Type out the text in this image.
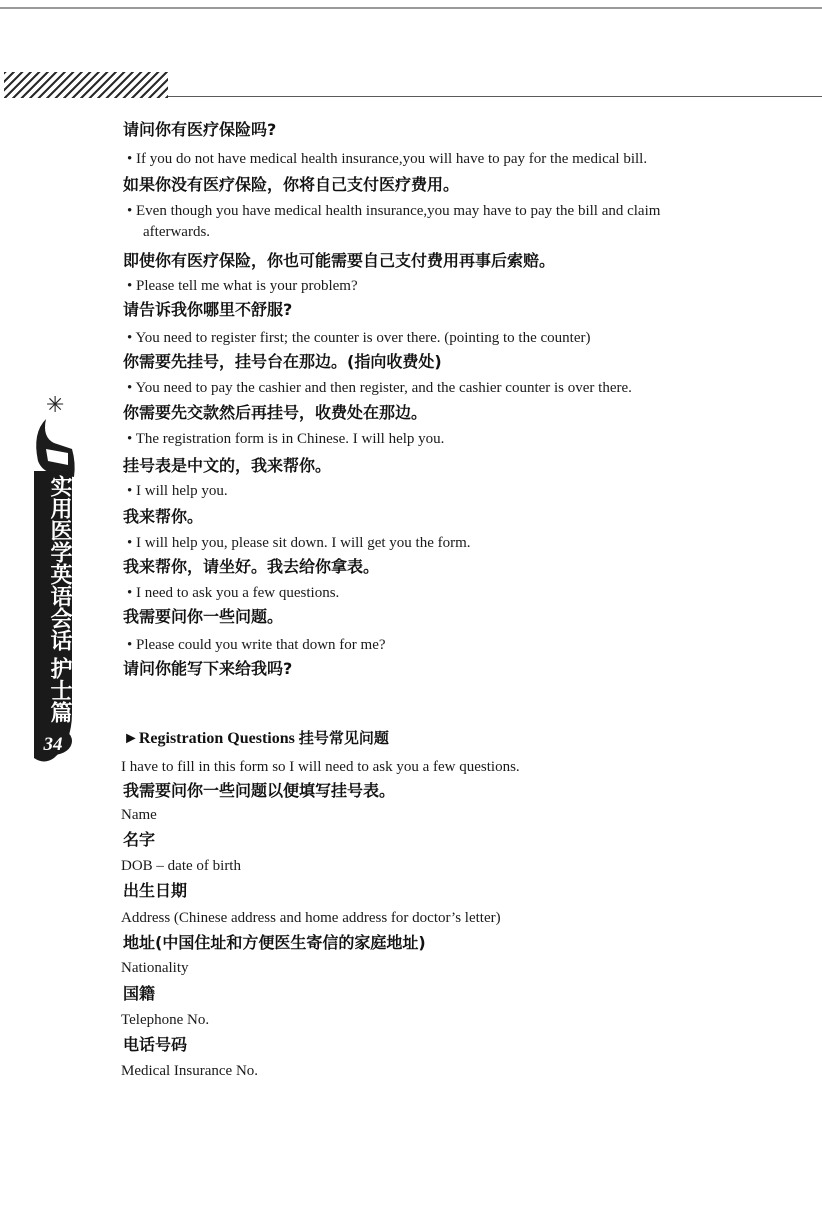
✳
实用医学英语会话
护士篇
34
请问你有医疗保险吗?
• If you do not have medical health insurance,you will have to pay for the medical bill.
如果你没有医疗保险，你将自己支付医疗费用。
• Even though you have medical health insurance,you may have to pay the bill and claim
afterwards.
即使你有医疗保险，你也可能需要自己支付费用再事后索赔。
• Please tell me what is your problem?
请告诉我你哪里不舒服?
• You need to register first; the counter is over there. (pointing to the counter)
你需要先挂号，挂号台在那边。(指向收费处)
• You need to pay the cashier and then register, and the cashier counter is over there.
你需要先交款然后再挂号，收费处在那边。
• The registration form is in Chinese. I will help you.
挂号表是中文的，我来帮你。
• I will help you.
我来帮你。
• I will help you, please sit down. I will get you the form.
我来帮你，请坐好。我去给你拿表。
• I need to ask you a few questions.
我需要问你一些问题。
• Please could you write that down for me?
请问你能写下来给我吗?
►Registration Questions 挂号常见问题
I have to fill in this form so I will need to ask you a few questions.
我需要问你一些问题以便填写挂号表。
Name
名字
DOB – date of birth
出生日期
Address (Chinese address and home address for doctor’s letter)
地址(中国住址和方便医生寄信的家庭地址)
Nationality
国籍
Telephone No.
电话号码
Medical Insurance No.
